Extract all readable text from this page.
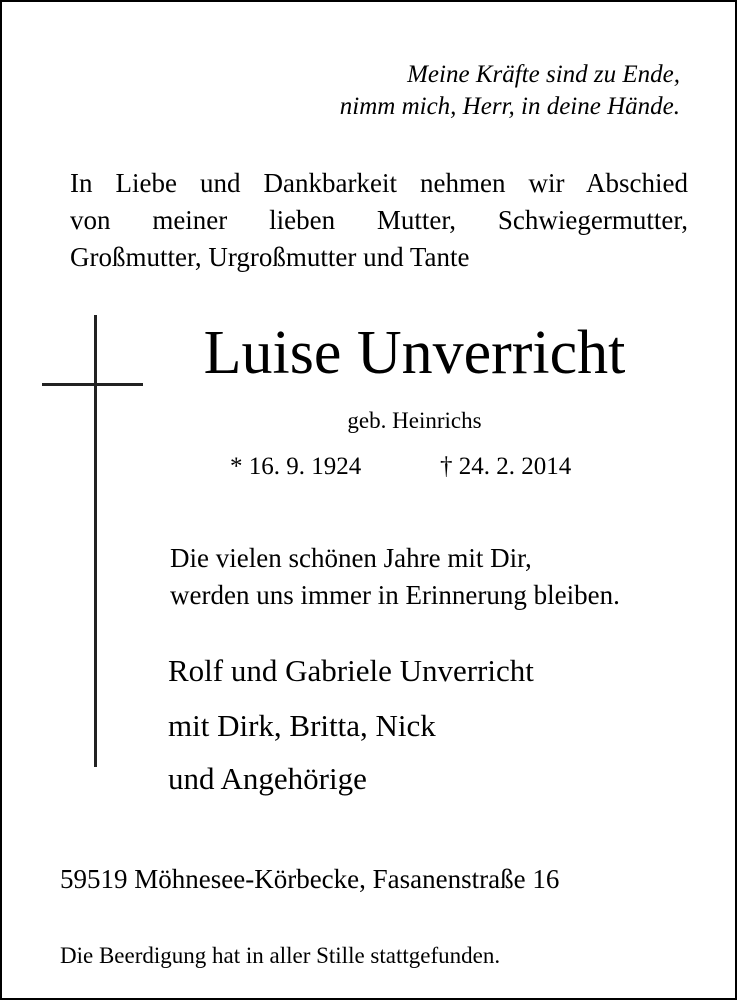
Meine Kräfte sind zu Ende,

nimm mich, Herr, in deine Hände.

In Liebe und Dankbarkeit nehmen wir Abschied

von meiner lieben Mutter, Schwiegermutter,

Großmutter, Urgroßmutter und Tante

Luise Unverricht

geb. Heinrichs

* 16. 9. 1924	† 24. 2. 2014

Die vielen schönen Jahre mit Dir,

werden uns immer in Erinnerung bleiben.

Rolf und Gabriele Unverricht

mit Dirk, Britta, Nick

und Angehörige

59519 Möhnesee-Körbecke, Fasanenstraße 16

Die Beerdigung hat in aller Stille stattgefunden.
